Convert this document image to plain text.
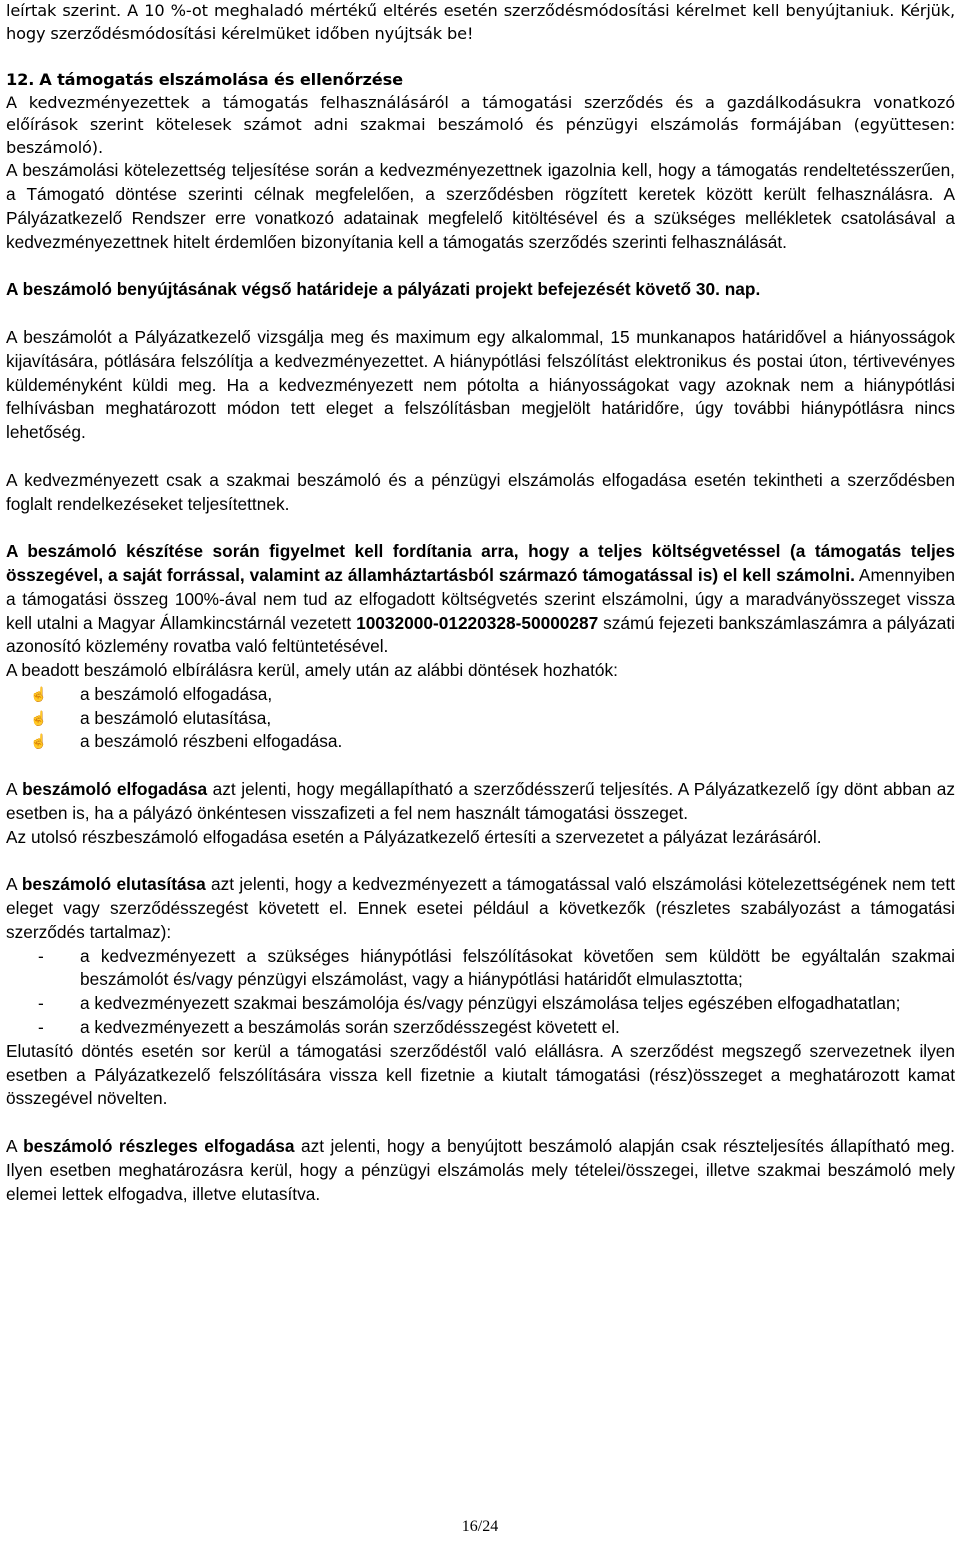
leírtak szerint. A 10 %-ot meghaladó mértékű eltérés esetén szerződésmódosítási kérelmet kell benyújtaniuk. Kérjük, hogy szerződésmódosítási kérelmüket időben nyújtsák be!

12. A támogatás elszámolása és ellenőrzése

A kedvezményezettek a támogatás felhasználásáról a támogatási szerződés és a gazdálkodásukra vonatkozó előírások szerint kötelesek számot adni szakmai beszámoló és pénzügyi elszámolás formájában (együttesen: beszámoló).

A beszámolási kötelezettség teljesítése során a kedvezményezettnek igazolnia kell, hogy a támogatás rendeltetésszerűen, a Támogató döntése szerinti célnak megfelelően, a szerződésben rögzített keretek között került felhasználásra. A Pályázatkezelő Rendszer erre vonatkozó adatainak megfelelő kitöltésével és a szükséges mellékletek csatolásával a kedvezményezettnek hitelt érdemlően bizonyítania kell a támogatás szerződés szerinti felhasználását.

A beszámoló benyújtásának végső határideje a pályázati projekt befejezését követő 30. nap.

A beszámolót a Pályázatkezelő vizsgálja meg és maximum egy alkalommal, 15 munkanapos határidővel a hiányosságok kijavítására, pótlására felszólítja a kedvezményezettet. A hiánypótlási felszólítást elektronikus és postai úton, tértivevényes küldeményként küldi meg. Ha a kedvezményezett nem pótolta a hiányosságokat vagy azoknak nem a hiánypótlási felhívásban meghatározott módon tett eleget a felszólításban megjelölt határidőre, úgy további hiánypótlásra nincs lehetőség.

A kedvezményezett csak a szakmai beszámoló és a pénzügyi elszámolás elfogadása esetén tekintheti a szerződésben foglalt rendelkezéseket teljesítettnek.

A beszámoló készítése során figyelmet kell fordítania arra, hogy a teljes költségvetéssel (a támogatás teljes összegével, a saját forrással, valamint az államháztartásból származó támogatással is) el kell számolni. Amennyiben a támogatási összeg 100%-ával nem tud az elfogadott költségvetés szerint elszámolni, úgy a maradványösszeget vissza kell utalni a Magyar Államkincstárnál vezetett 10032000-01220328-50000287 számú fejezeti bankszámlaszámra a pályázati azonosító közlemény rovatba való feltüntetésével.

A beadott beszámoló elbírálásra kerül, amely után az alábbi döntések hozhatók:

☝ a beszámoló elfogadása,
☝ a beszámoló elutasítása,
☝ a beszámoló részbeni elfogadása.

A beszámoló elfogadása azt jelenti, hogy megállapítható a szerződésszerű teljesítés. A Pályázatkezelő így dönt abban az esetben is, ha a pályázó önkéntesen visszafizeti a fel nem használt támogatási összeget.

Az utolsó részbeszámoló elfogadása esetén a Pályázatkezelő értesíti a szervezetet a pályázat lezárásáról.

A beszámoló elutasítása azt jelenti, hogy a kedvezményezett a támogatással való elszámolási kötelezettségének nem tett eleget vagy szerződésszegést követett el. Ennek esetei például a következők (részletes szabályozást a támogatási szerződés tartalmaz):

- a kedvezményezett a szükséges hiánypótlási felszólításokat követően sem küldött be egyáltalán szakmai beszámolót és/vagy pénzügyi elszámolást, vagy a hiánypótlási határidőt elmulasztotta;
- a kedvezményezett szakmai beszámolója és/vagy pénzügyi elszámolása teljes egészében elfogadhatatlan;
- a kedvezményezett a beszámolás során szerződésszegést követett el.

Elutasító döntés esetén sor kerül a támogatási szerződéstől való elállásra. A szerződést megszegő szervezetnek ilyen esetben a Pályázatkezelő felszólítására vissza kell fizetnie a kiutalt támogatási (rész)összeget a meghatározott kamat összegével növelten.

A beszámoló részleges elfogadása azt jelenti, hogy a benyújtott beszámoló alapján csak részteljesítés állapítható meg. Ilyen esetben meghatározásra kerül, hogy a pénzügyi elszámolás mely tételei/összegei, illetve szakmai beszámoló mely elemei lettek elfogadva, illetve elutasítva.

16/24
